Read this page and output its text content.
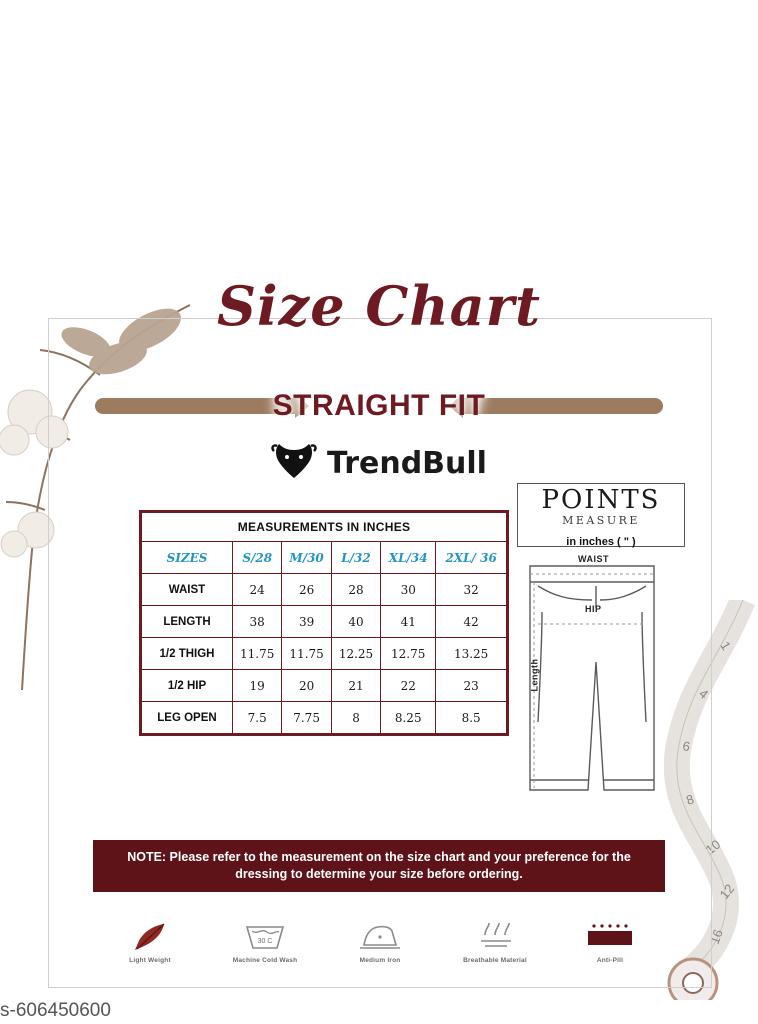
1
4
6
8
10
12
16
Size Chart
STRAIGHT FIT
TrendBull
MEASUREMENTS IN INCHES					
SIZES	S/28	M/30	L/32	XL/34	2XL/ 36
WAIST	24	26	28	30	32
LENGTH	38	39	40	41	42
1/2 THIGH	11.75	11.75	12.25	12.75	13.25
1/2 HIP	19	20	21	22	23
LEG OPEN	7.5	7.75	8	8.25	8.5
POINTS
MEASURE
in inches ( " )
WAIST
HIP
Length
NOTE: Please refer to the measurement on the size chart and your preference for the dressing to determine your size before ordering.
Light Weight
30 C
Machine Cold Wash	Medium Iron	Breathable Material	Anti-Pill
s-606450600
